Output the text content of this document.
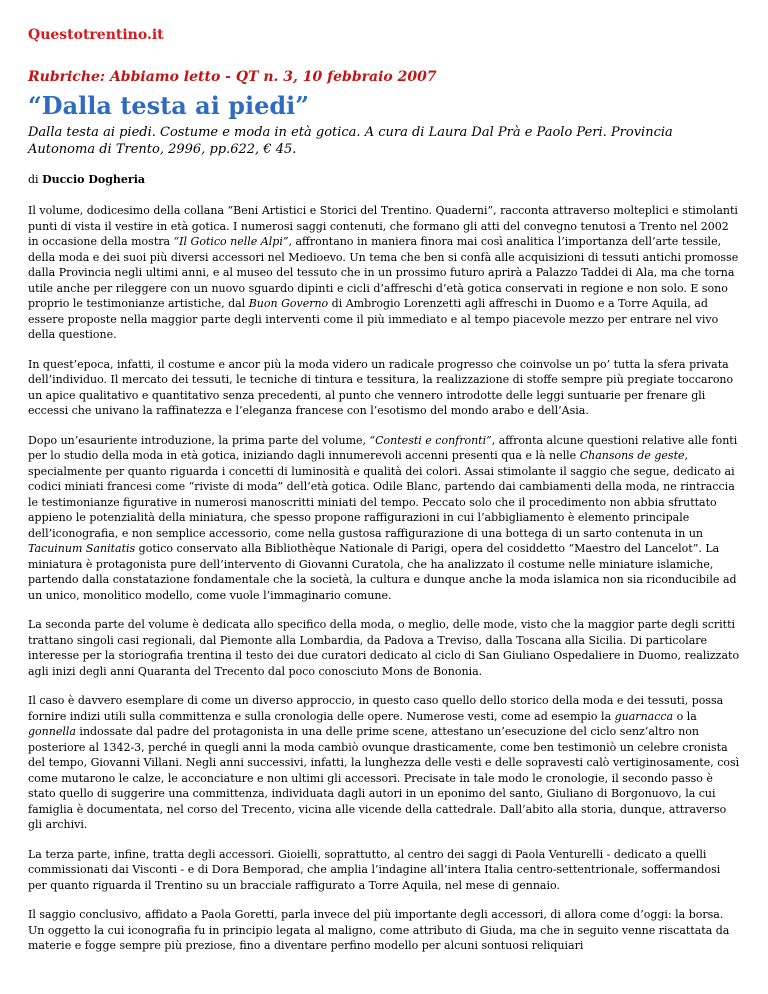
Questotrentino.it
Rubriche: Abbiamo letto - QT n. 3, 10 febbraio 2007
“Dalla testa ai piedi”
Dalla testa ai piedi. Costume e moda in età gotica. A cura di Laura Dal Prà e Paolo Peri. Provincia Autonoma di Trento, 2996, pp.622, € 45.
di Duccio Dogheria

Il volume, dodicesimo della collana “Beni Artistici e Storici del Trentino. Quaderni”, racconta attraverso molteplici e stimolanti punti di vista il vestire in età gotica. I numerosi saggi contenuti, che formano gli atti del convegno tenutosi a Trento nel 2002 in occasione della mostra “Il Gotico nelle Alpi”, affrontano in maniera finora mai così analitica l’importanza dell’arte tessile, della moda e dei suoi più diversi accessori nel Medioevo. Un tema che ben si confà alle acquisizioni di tessuti antichi promosse dalla Provincia negli ultimi anni, e al museo del tessuto che in un prossimo futuro aprirà a Palazzo Taddei di Ala, ma che torna utile anche per rileggere con un nuovo sguardo dipinti e cicli d’affreschi d’età gotica conservati in regione e non solo. E sono proprio le testimonianze artistiche, dal Buon Governo di Ambrogio Lorenzetti agli affreschi in Duomo e a Torre Aquila, ad essere proposte nella maggior parte degli interventi come il più immediato e al tempo piacevole mezzo per entrare nel vivo della questione.

In quest’epoca, infatti, il costume e ancor più la moda videro un radicale progresso che coinvolse un po’ tutta la sfera privata dell’individuo. Il mercato dei tessuti, le tecniche di tintura e tessitura, la realizzazione di stoffe sempre più pregiate toccarono un apice qualitativo e quantitativo senza precedenti, al punto che vennero introdotte delle leggi suntuarie per frenare gli eccessi che univano la raffinatezza e l’eleganza francese con l’esotismo del mondo arabo e dell’Asia.

Dopo un’esauriente introduzione, la prima parte del volume, “Contesti e confronti”, affronta alcune questioni relative alle fonti per lo studio della moda in età gotica, iniziando dagli innumerevoli accenni presenti qua e là nelle Chansons de geste, specialmente per quanto riguarda i concetti di luminosità e qualità dei colori. Assai stimolante il saggio che segue, dedicato ai codici miniati francesi come “riviste di moda” dell’età gotica. Odile Blanc, partendo dai cambiamenti della moda, ne rintraccia le testimonianze figurative in numerosi manoscritti miniati del tempo. Peccato solo che il procedimento non abbia sfruttato appieno le potenzialità della miniatura, che spesso propone raffigurazioni in cui l’abbigliamento è elemento principale dell’iconografia, e non semplice accessorio, come nella gustosa raffigurazione di una bottega di un sarto contenuta in un Tacuinum Sanitatis gotico conservato alla Bibliothèque Nationale di Parigi, opera del cosiddetto “Maestro del Lancelot”. La miniatura è protagonista pure dell’intervento di Giovanni Curatola, che ha analizzato il costume nelle miniature islamiche, partendo dalla constatazione fondamentale che la società, la cultura e dunque anche la moda islamica non sia riconducibile ad un unico, monolitico modello, come vuole l’immaginario comune.

La seconda parte del volume è dedicata allo specifico della moda, o meglio, delle mode, visto che la maggior parte degli scritti trattano singoli casi regionali, dal Piemonte alla Lombardia, da Padova a Treviso, dalla Toscana alla Sicilia. Di particolare interesse per la storiografia trentina il testo dei due curatori dedicato al ciclo di San Giuliano Ospedaliere in Duomo, realizzato agli inizi degli anni Quaranta del Trecento dal poco conosciuto Mons de Bononia.

Il caso è davvero esemplare di come un diverso approccio, in questo caso quello dello storico della moda e dei tessuti, possa fornire indizi utili sulla committenza e sulla cronologia delle opere. Numerose vesti, come ad esempio la guarnacca o la gonnella indossate dal padre del protagonista in una delle prime scene, attestano un’esecuzione del ciclo senz’altro non posteriore al 1342-3, perché in quegli anni la moda cambiò ovunque drasticamente, come ben testimoniò un celebre cronista del tempo, Giovanni Villani. Negli anni successivi, infatti, la lunghezza delle vesti e delle sopravesti calò vertiginosamente, così come mutarono le calze, le acconciature e non ultimi gli accessori. Precisate in tale modo le cronologie, il secondo passo è stato quello di suggerire una committenza, individuata dagli autori in un eponimo del santo, Giuliano di Borgonuovo, la cui famiglia è documentata, nel corso del Trecento, vicina alle vicende della cattedrale. Dall’abito alla storia, dunque, attraverso gli archivi.

La terza parte, infine, tratta degli accessori. Gioielli, soprattutto, al centro dei saggi di Paola Venturelli - dedicato a quelli commissionati dai Visconti - e di Dora Bemporad, che amplia l’indagine all’intera Italia centro-settentrionale, soffermandosi per quanto riguarda il Trentino su un bracciale raffigurato a Torre Aquila, nel mese di gennaio.

Il saggio conclusivo, affidato a Paola Goretti, parla invece del più importante degli accessori, di allora come d’oggi: la borsa. Un oggetto la cui iconografia fu in principio legata al maligno, come attributo di Giuda, ma che in seguito venne riscattata da materie e fogge sempre più preziose, fino a diventare perfino modello per alcuni sontuosi reliquiari
